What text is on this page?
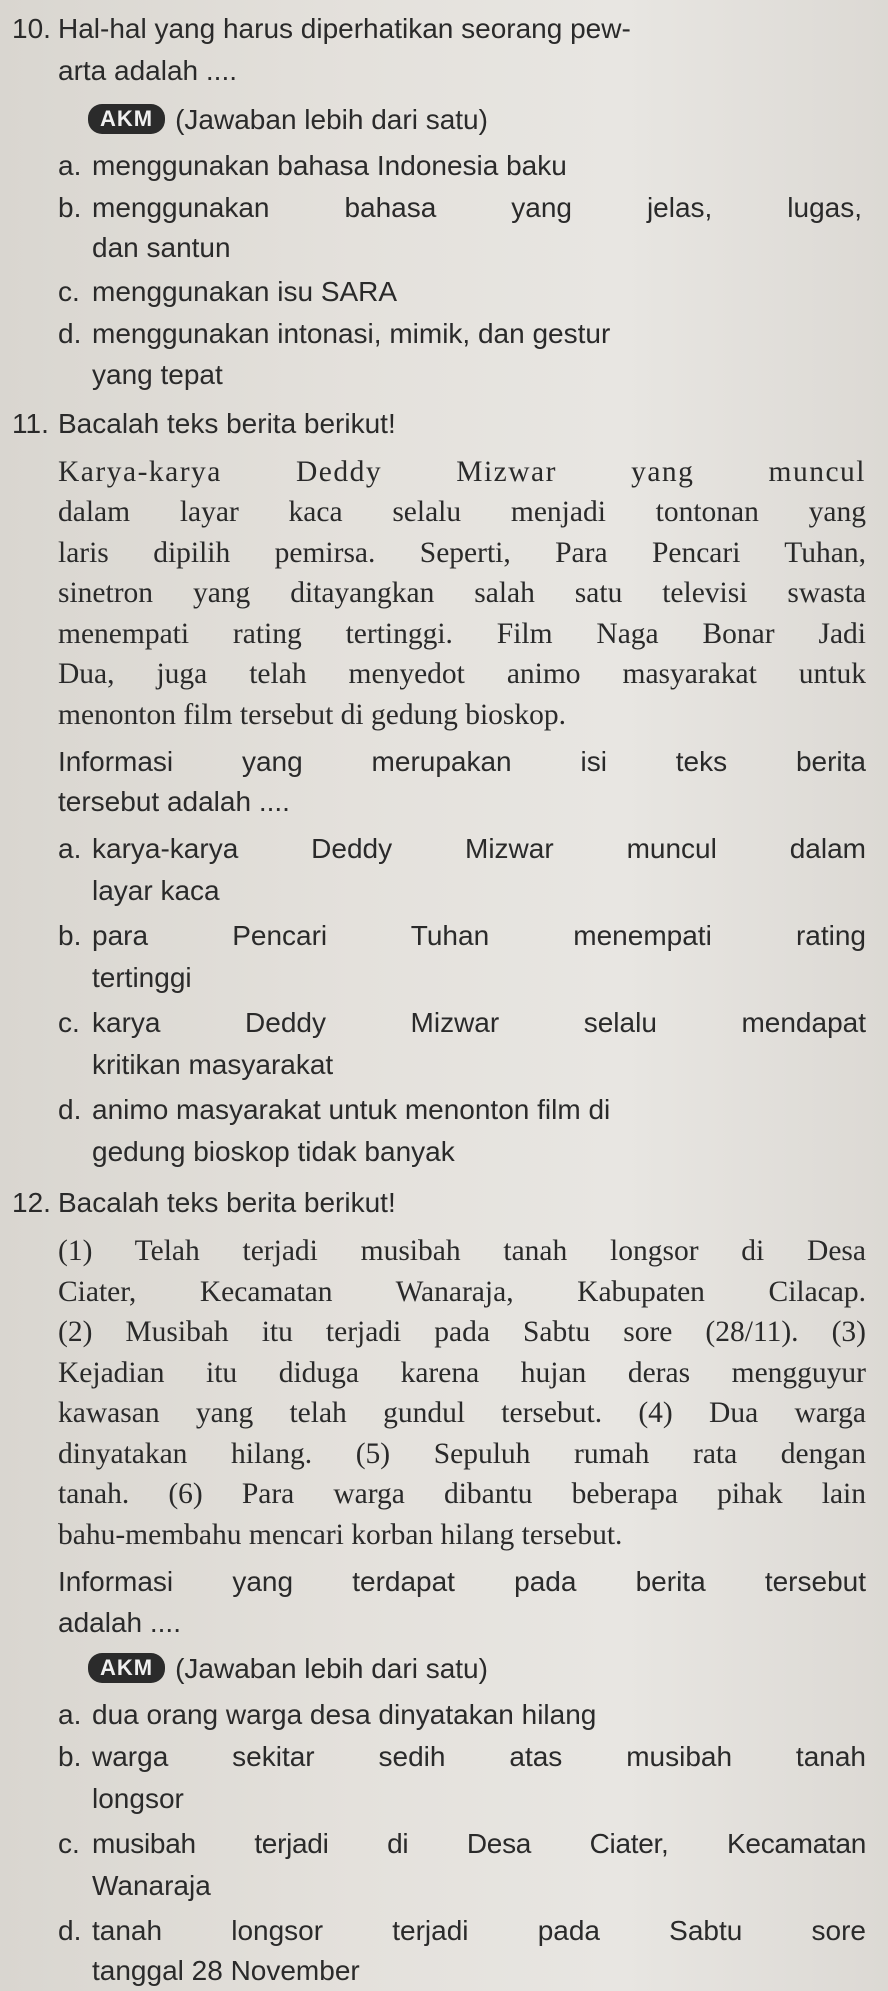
10. Hal-hal yang harus diperhatikan seorang pew-
arta adalah ....
AKM (Jawaban lebih dari satu)
a. menggunakan bahasa Indonesia baku
b. menggunakan bahasa yang jelas, lugas,
dan santun
c. menggunakan isu SARA
d. menggunakan intonasi, mimik, dan gestur
yang tepat
11. Bacalah teks berita berikut!
Karya-karya Deddy Mizwar yang muncul
dalam layar kaca selalu menjadi tontonan yang
laris dipilih pemirsa. Seperti, Para Pencari Tuhan,
sinetron yang ditayangkan salah satu televisi swasta
menempati rating tertinggi. Film Naga Bonar Jadi
Dua, juga telah menyedot animo masyarakat untuk
menonton film tersebut di gedung bioskop.
Informasi yang merupakan isi teks berita
tersebut adalah ....
a. karya-karya Deddy Mizwar muncul dalam
layar kaca
b. para Pencari Tuhan menempati rating
tertinggi
c. karya Deddy Mizwar selalu mendapat
kritikan masyarakat
d. animo masyarakat untuk menonton film di
gedung bioskop tidak banyak
12. Bacalah teks berita berikut!
(1) Telah terjadi musibah tanah longsor di Desa
Ciater, Kecamatan Wanaraja, Kabupaten Cilacap.
(2) Musibah itu terjadi pada Sabtu sore (28/11). (3)
Kejadian itu diduga karena hujan deras mengguyur
kawasan yang telah gundul tersebut. (4) Dua warga
dinyatakan hilang. (5) Sepuluh rumah rata dengan
tanah. (6) Para warga dibantu beberapa pihak lain
bahu-membahu mencari korban hilang tersebut.
Informasi yang terdapat pada berita tersebut
adalah ....
AKM (Jawaban lebih dari satu)
a. dua orang warga desa dinyatakan hilang
b. warga sekitar sedih atas musibah tanah
longsor
c. musibah terjadi di Desa Ciater, Kecamatan
Wanaraja
d. tanah longsor terjadi pada Sabtu sore
tanggal 28 November
